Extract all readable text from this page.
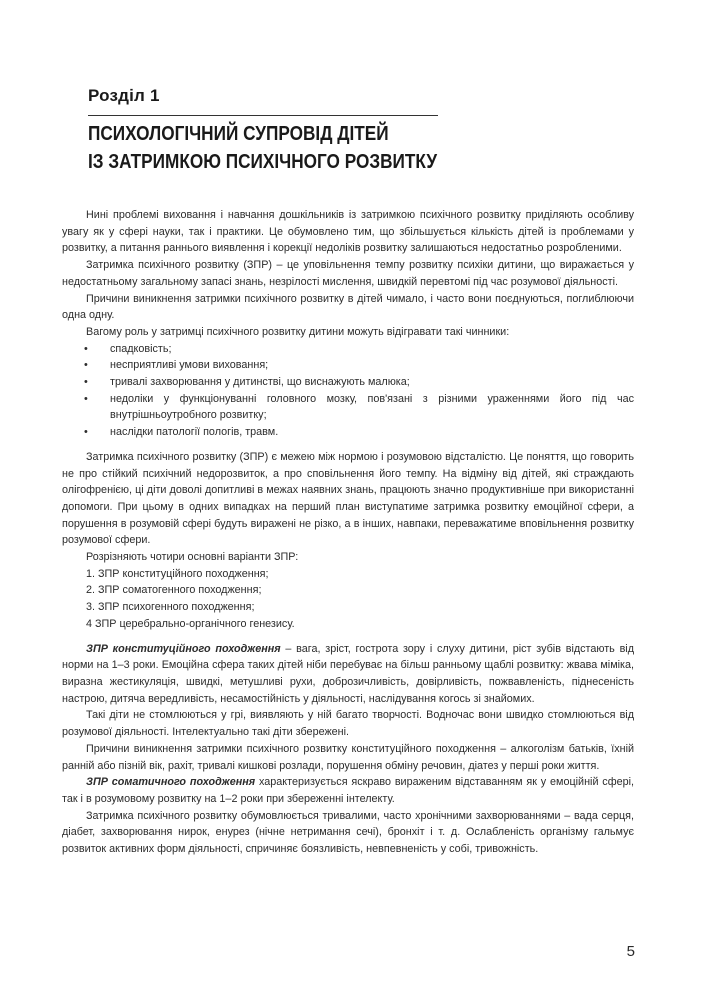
Розділ 1
ПСИХОЛОГІЧНИЙ СУПРОВІД ДІТЕЙ
ІЗ ЗАТРИМКОЮ ПСИХІЧНОГО РОЗВИТКУ

Нині проблемі виховання і навчання дошкільників із затримкою психічного розвитку приділяють особливу увагу як у сфері науки, так і практики. Це обумовлено тим, що збільшується кількість дітей із проблемами у розвитку, а питання раннього виявлення і корекції недоліків розвитку залишаються недостатньо розробленими.

Затримка психічного розвитку (ЗПР) – це уповільнення темпу розвитку психіки дитини, що виражається у недостатньому загальному запасі знань, незрілості мислення, швидкій перевтомі під час розумової діяльності.

Причини виникнення затримки психічного розвитку в дітей чимало, і часто вони поєднуються, поглиблюючи одна одну.

Вагому роль у затримці психічного розвитку дитини можуть відігравати такі чинники:

• спадковість;
• несприятливі умови виховання;
• тривалі захворювання у дитинстві, що виснажують малюка;
• недоліки у функціонуванні головного мозку, пов'язані з різними ураженнями його під час внутрішньоутробного розвитку;
• наслідки патології пологів, травм.

Затримка психічного розвитку (ЗПР) є межею між нормою і розумовою відсталістю. Це поняття, що говорить не про стійкий психічний недорозвиток, а про сповільнення його темпу. На відміну від дітей, які страждають олігофренією, ці діти доволі допитливі в межах наявних знань, працюють значно продуктивніше при використанні допомоги. При цьому в одних випадках на перший план виступатиме затримка розвитку емоційної сфери, а порушення в розумовій сфері будуть виражені не різко, а в інших, навпаки, переважатиме вповільнення розвитку розумової сфери.

Розрізняють чотири основні варіанти ЗПР:

1. ЗПР конституційного походження;
2. ЗПР соматогенного походження;
3. ЗПР психогенного походження;
4 ЗПР церебрально-органічного генезису.

ЗПР конституційного походження – вага, зріст, гострота зору і слуху дитини, ріст зубів відстають від норми на 1–3 роки. Емоційна сфера таких дітей ніби перебуває на більш ранньому щаблі розвитку: жвава міміка, виразна жестикуляція, швидкі, метушливі рухи, доброзичливість, довірливість, пожвавленість, піднесеність настрою, дитяча вередливість, несамостійність у діяльності, наслідування когось зі знайомих.

Такі діти не стомлюються у грі, виявляють у ній багато творчості. Водночас вони швидко стомлюються від розумової діяльності. Інтелектуально такі діти збережені.

Причини виникнення затримки психічного розвитку конституційного походження – алкоголізм батьків, їхній ранній або пізній вік, рахіт, тривалі кишкові розлади, порушення обміну речовин, діатез у перші роки життя.

ЗПР соматичного походження характеризується яскраво вираженим відставанням як у емоційній сфері, так і в розумовому розвитку на 1–2 роки при збереженні інтелекту.

Затримка психічного розвитку обумовлюється тривалими, часто хронічними захворюваннями – вада серця, діабет, захворювання нирок, енурез (нічне нетримання сечі), бронхіт і т. д. Ослабленість організму гальмує розвиток активних форм діяльності, спричиняє боязливість, невпевненість у собі, тривожність.

5
